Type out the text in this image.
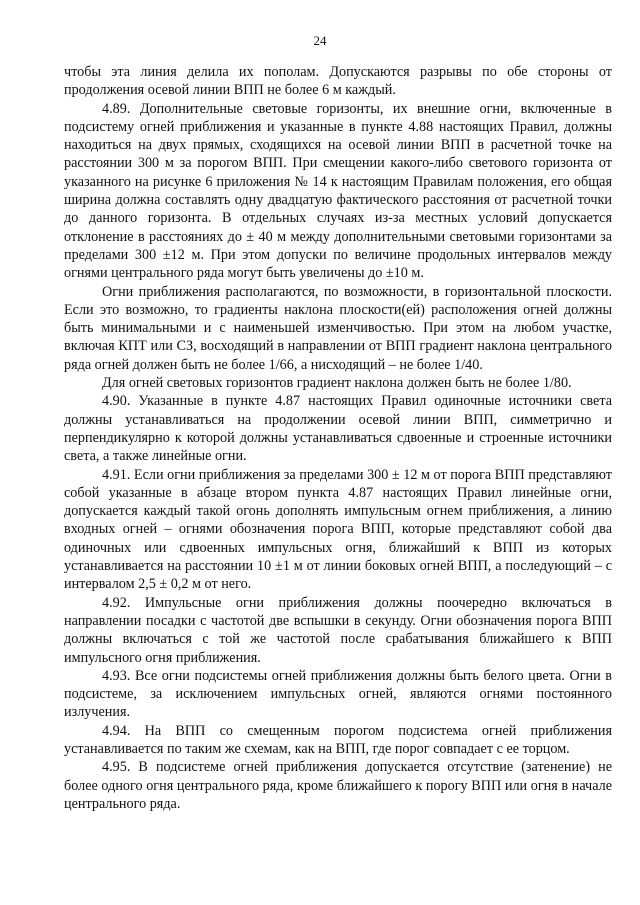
24

чтобы эта линия делила их пополам. Допускаются разрывы по обе стороны от продолжения осевой линии ВПП не более 6 м каждый.

4.89. Дополнительные световые горизонты, их внешние огни, включенные в подсистему огней приближения и указанные в пункте 4.88 настоящих Правил, должны находиться на двух прямых, сходящихся на осевой линии ВПП в расчетной точке на расстоянии 300 м за порогом ВПП. При смещении какого-либо светового горизонта от указанного на рисунке 6 приложения № 14 к настоящим Правилам положения, его общая ширина должна составлять одну двадцатую фактического расстояния от расчетной точки до данного горизонта. В отдельных случаях из-за местных условий допускается отклонение в расстояниях до ± 40 м между дополнительными световыми горизонтами за пределами 300 ±12 м. При этом допуски по величине продольных интервалов между огнями центрального ряда могут быть увеличены до ±10 м.

Огни приближения располагаются, по возможности, в горизонтальной плоскости. Если это возможно, то градиенты наклона плоскости(ей) расположения огней должны быть минимальными и с наименьшей изменчивостью. При этом на любом участке, включая КПТ или СЗ, восходящий в направлении от ВПП градиент наклона центрального ряда огней должен быть не более 1/66, а нисходящий – не более 1/40.

Для огней световых горизонтов градиент наклона должен быть не более 1/80.

4.90. Указанные в пункте 4.87 настоящих Правил одиночные источники света должны устанавливаться на продолжении осевой линии ВПП, симметрично и перпендикулярно к которой должны устанавливаться сдвоенные и строенные источники света, а также линейные огни.

4.91. Если огни приближения за пределами 300 ± 12 м от порога ВПП представляют собой указанные в абзаце втором пункта 4.87 настоящих Правил линейные огни, допускается каждый такой огонь дополнять импульсным огнем приближения, а линию входных огней – огнями обозначения порога ВПП, которые представляют собой два одиночных или сдвоенных импульсных огня, ближайший к ВПП из которых устанавливается на расстоянии 10 ±1 м от линии боковых огней ВПП, а последующий – с интервалом 2,5 ± 0,2 м от него.

4.92. Импульсные огни приближения должны поочередно включаться в направлении посадки с частотой две вспышки в секунду. Огни обозначения порога ВПП должны включаться с той же частотой после срабатывания ближайшего к ВПП импульсного огня приближения.

4.93. Все огни подсистемы огней приближения должны быть белого цвета. Огни в подсистеме, за исключением импульсных огней, являются огнями постоянного излучения.

4.94. На ВПП со смещенным порогом подсистема огней приближения устанавливается по таким же схемам, как на ВПП, где порог совпадает с ее торцом.

4.95. В подсистеме огней приближения допускается отсутствие (затенение) не более одного огня центрального ряда, кроме ближайшего к порогу ВПП или огня в начале центрального ряда.
